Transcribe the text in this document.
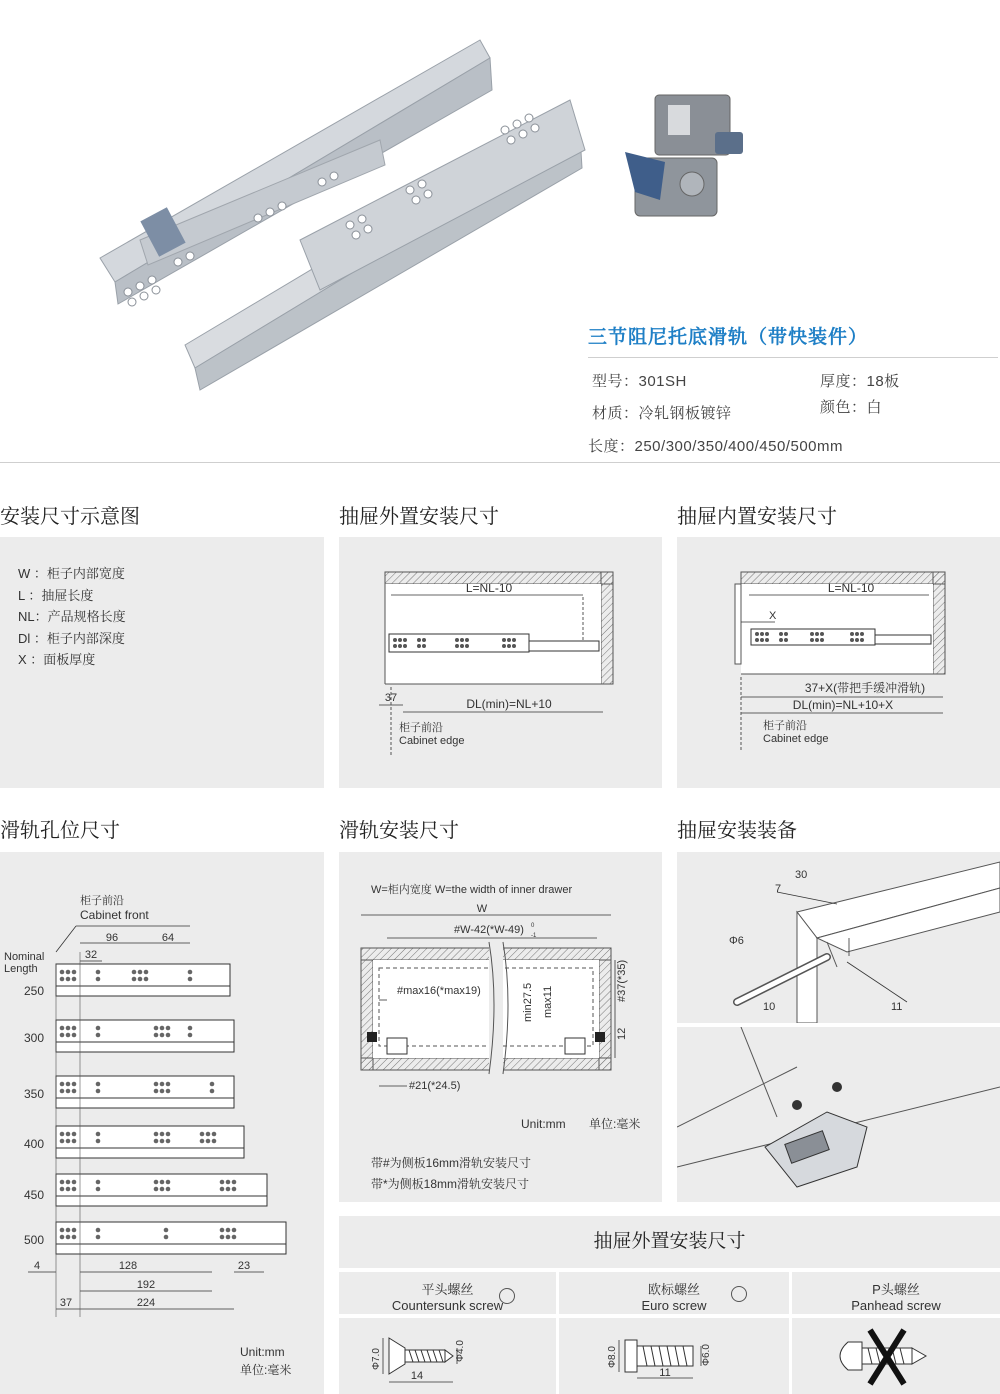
三节阻尼托底滑轨（带快装件）
型号：301SH	厚度：18板
材质：冷轧钢板镀锌	颜色：白
长度：250/300/350/400/450/500mm
安装尺寸示意图	抽屉外置安装尺寸	抽屉内置安装尺寸
W ：柜子内部宽度
L ：抽屉长度
NL：产品规格长度
Dl ：柜子内部深度
X ：面板厚度
L=NL-10
37	DL(min)=NL+10
柜子前沿
Cabinet edge
L=NL-10
X
37+X(带把手缓冲滑轨)
DL(min)=NL+10+X
柜子前沿
Cabinet edge
滑轨孔位尺寸	滑轨安装尺寸	抽屉安装装备
柜子前沿
Cabinet front
Nominal
Length
96	64
32
250
300
350
400
450
500
4	128	23
192
37	224
Unit:mm
单位:毫米
W=柜内宽度 W=the width of inner drawer
W
#W-42(*W-49) 0
-1
#max16(*max19)	min27.5 max11	#37(*35)
12
#21(*24.5)
Unit:mm 单位:毫米
带#为侧板16mm滑轨安装尺寸
带*为侧板18mm滑轨安装尺寸
30
7
Φ6
10	11
抽屉外置安装尺寸
平头螺丝
Countersunk screw
欧标螺丝
Euro screw
P头螺丝
Panhead screw
Φ7.0	Φ4.0
14
Φ8.0	Φ6.0
11
